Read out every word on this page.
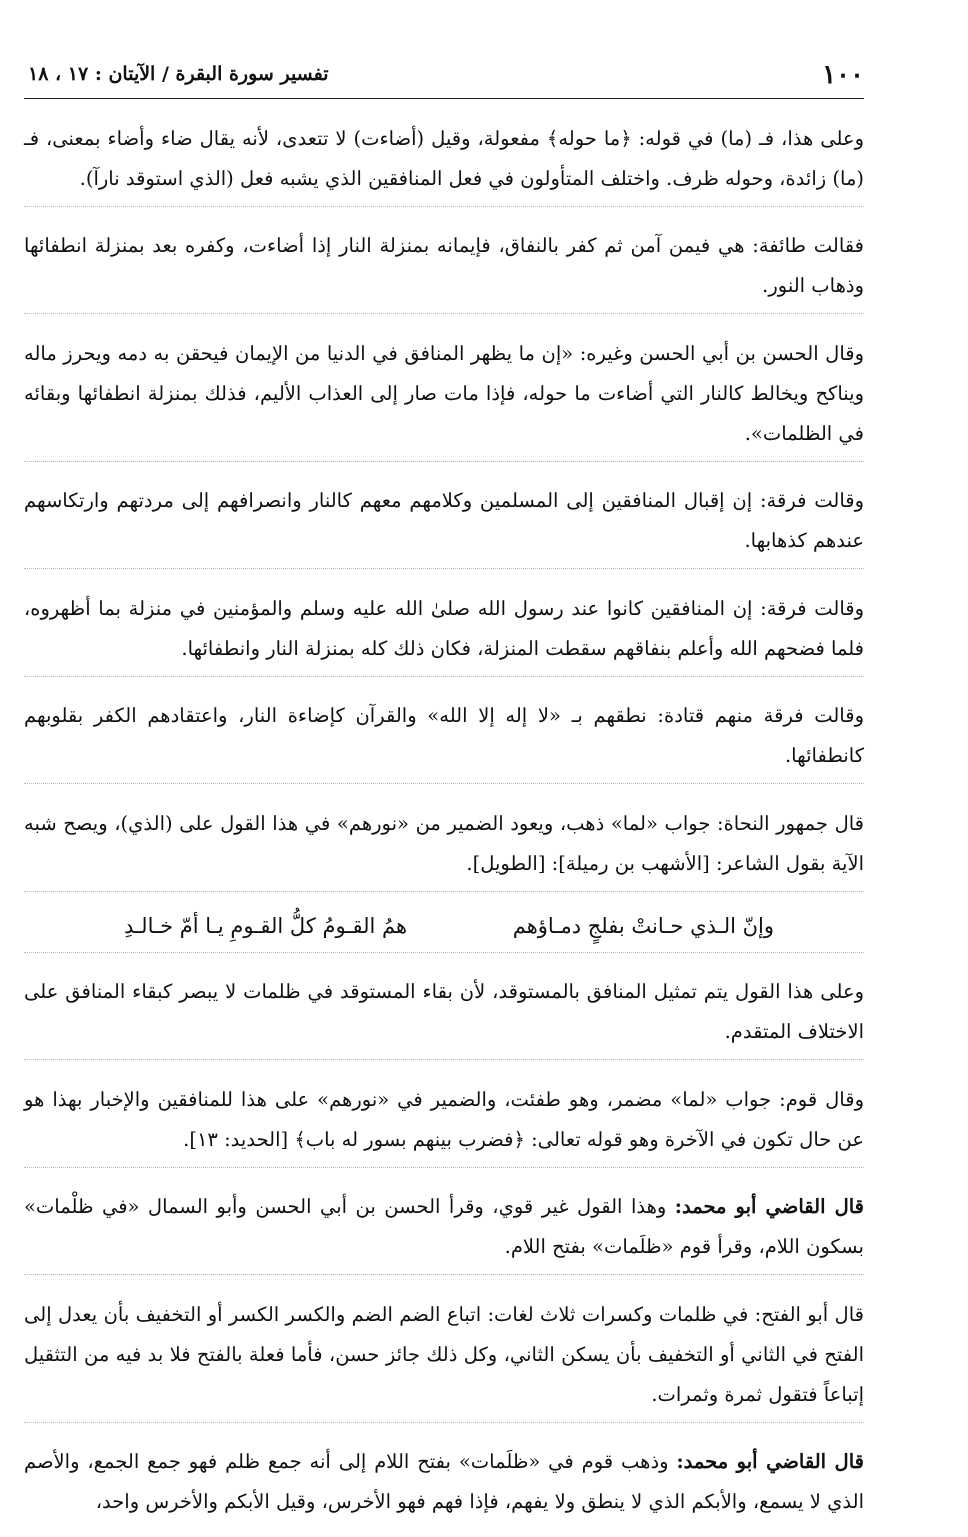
١٠٠
تفسير سورة البقرة / الآيتان : ١٧ ، ١٨

وعلى هذا، فـ (ما) في قوله: ﴿ما حوله﴾ مفعولة، وقيل (أضاءت) لا تتعدى، لأنه يقال ضاء وأضاء بمعنى، فـ (ما) زائدة، وحوله ظرف. واختلف المتأولون في فعل المنافقين الذي يشبه فعل (الذي استوقد نارآ).

فقالت طائفة: هي فيمن آمن ثم كفر بالنفاق، فإيمانه بمنزلة النار إذا أضاءت، وكفره بعد بمنزلة انطفائها وذهاب النور.

وقال الحسن بن أبي الحسن وغيره: «إن ما يظهر المنافق في الدنيا من الإيمان فيحقن به دمه ويحرز ماله ويناكح ويخالط كالنار التي أضاءت ما حوله، فإذا مات صار إلى العذاب الأليم، فذلك بمنزلة انطفائها وبقائه في الظلمات».

وقالت فرقة: إن إقبال المنافقين إلى المسلمين وكلامهم معهم كالنار وانصرافهم إلى مردتهم وارتكاسهم عندهم كذهابها.

وقالت فرقة: إن المنافقين كانوا عند رسول الله صلىٰ الله عليه وسلم والمؤمنين في منزلة بما أظهروه، فلما فضحهم الله وأعلم بنفاقهم سقطت المنزلة، فكان ذلك كله بمنزلة النار وانطفائها.

وقالت فرقة منهم قتادة: نطقهم بـ «لا إله إلا الله» والقرآن كإضاءة النار، واعتقادهم الكفر بقلوبهم كانطفائها.

قال جمهور النحاة: جواب «لما» ذهب، ويعود الضمير من «نورهم» في هذا القول على (الذي)، ويصح شبه الآية بقول الشاعر: [الأشهب بن رميلة]: [الطويل].

وإنّ الـذي حـانتْ بفلجٍ دمـاؤهم
همُ القـومُ كلُّ القـومِ يـا أمّ خـالـدِ

وعلى هذا القول يتم تمثيل المنافق بالمستوقد، لأن بقاء المستوقد في ظلمات لا يبصر كبقاء المنافق على الاختلاف المتقدم.

وقال قوم: جواب «لما» مضمر، وهو طفئت، والضمير في «نورهم» على هذا للمنافقين والإخبار بهذا هو عن حال تكون في الآخرة وهو قوله تعالى: ﴿فضرب بينهم بسور له باب﴾ [الحديد: ١٣].

قال القاضي أبو محمد: وهذا القول غير قوي، وقرأ الحسن بن أبي الحسن وأبو السمال «في ظلْمات» بسكون اللام، وقرأ قوم «ظلَمات» بفتح اللام.

قال أبو الفتح: في ظلمات وكسرات ثلاث لغات: اتباع الضم الضم والكسر الكسر أو التخفيف بأن يعدل إلى الفتح في الثاني أو التخفيف بأن يسكن الثاني، وكل ذلك جائز حسن، فأما فعلة بالفتح فلا بد فيه من التثقيل إتباعاً فتقول ثمرة وثمرات.

قال القاضي أبو محمد: وذهب قوم في «ظلَمات» بفتح اللام إلى أنه جمع ظلم فهو جمع الجمع، والأصم الذي لا يسمع، والأبكم الذي لا ينطق ولا يفهم، فإذا فهم فهو الأخرس، وقيل الأبكم والأخرس واحد،
